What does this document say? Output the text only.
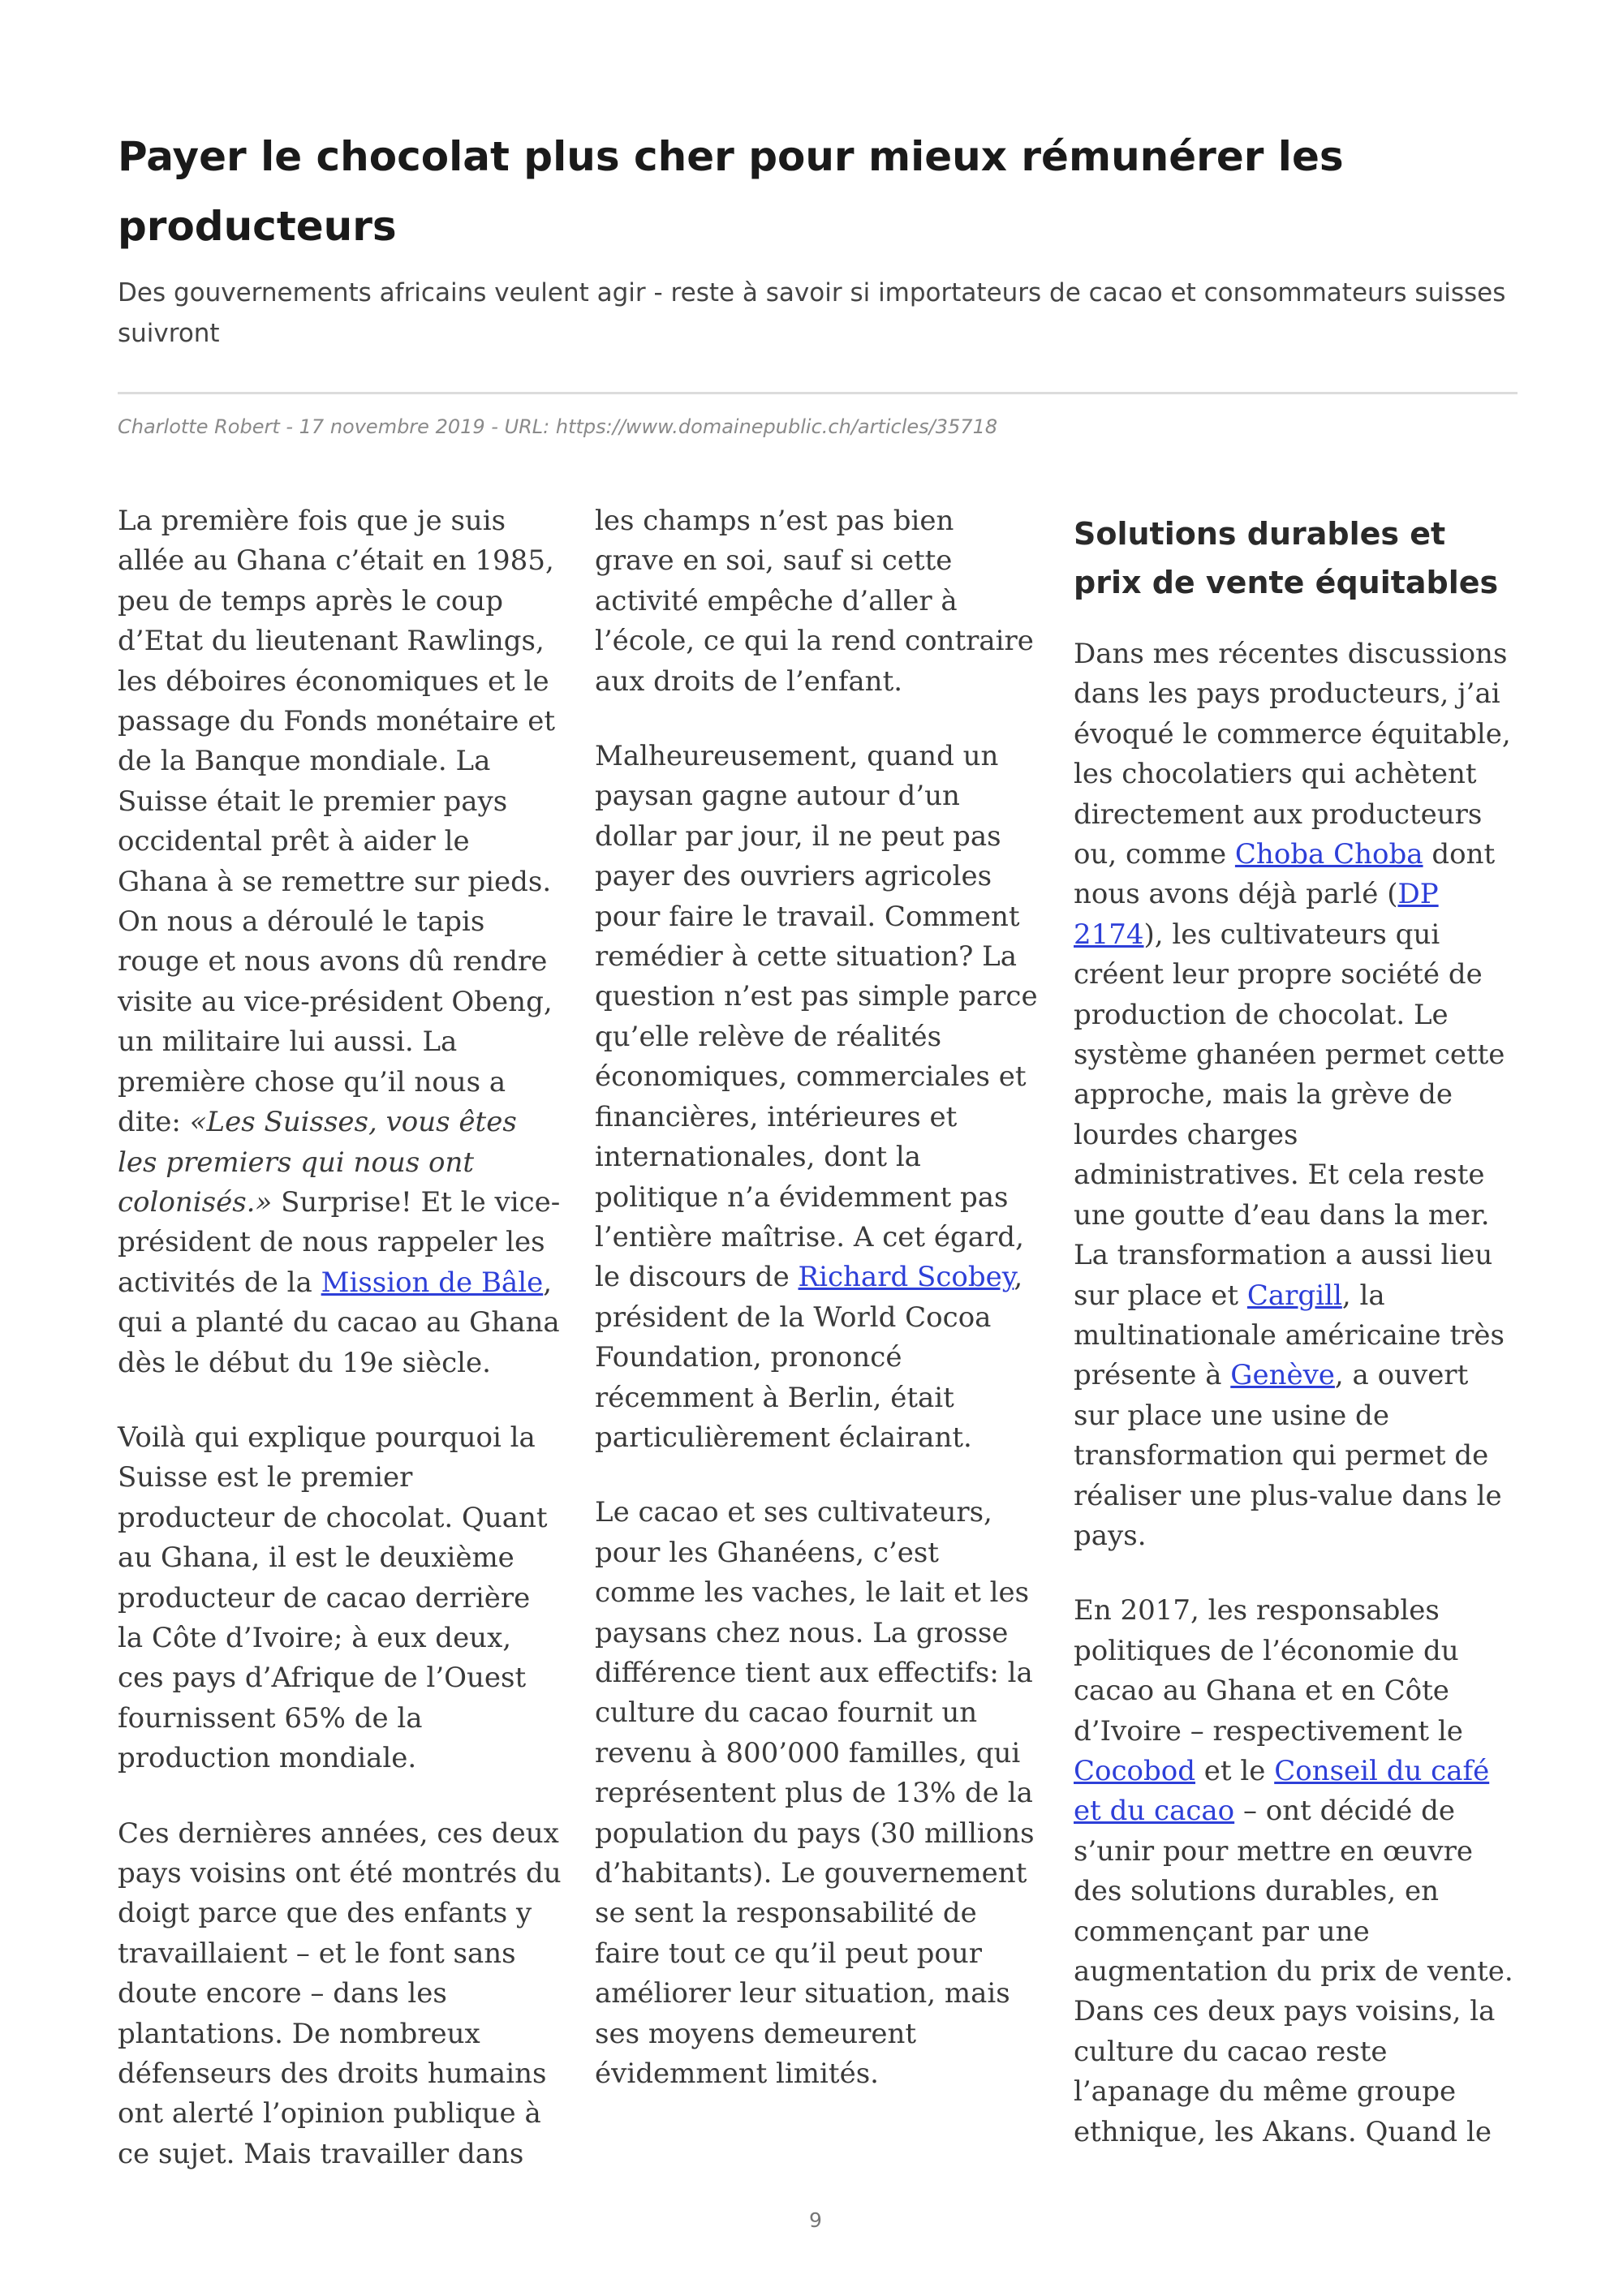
Payer le chocolat plus cher pour mieux rémunérer les producteurs

Des gouvernements africains veulent agir - reste à savoir si importateurs de cacao et consommateurs suisses suivront

Charlotte Robert - 17 novembre 2019 - URL: https://www.domainepublic.ch/articles/35718

La première fois que je suis allée au Ghana c’était en 1985, peu de temps après le coup d’Etat du lieutenant Rawlings, les déboires économiques et le passage du Fonds monétaire et de la Banque mondiale. La Suisse était le premier pays occidental prêt à aider le Ghana à se remettre sur pieds. On nous a déroulé le tapis rouge et nous avons dû rendre visite au vice-président Obeng, un militaire lui aussi. La première chose qu’il nous a dite: «Les Suisses, vous êtes les premiers qui nous ont colonisés.» Surprise! Et le vice-président de nous rappeler les activités de la Mission de Bâle, qui a planté du cacao au Ghana dès le début du 19e siècle.

Voilà qui explique pourquoi la Suisse est le premier producteur de chocolat. Quant au Ghana, il est le deuxième producteur de cacao derrière la Côte d’Ivoire; à eux deux, ces pays d’Afrique de l’Ouest fournissent 65% de la production mondiale.

Ces dernières années, ces deux pays voisins ont été montrés du doigt parce que des enfants y travaillaient – et le font sans doute encore – dans les plantations. De nombreux défenseurs des droits humains ont alerté l’opinion publique à ce sujet. Mais travailler dans

les champs n’est pas bien grave en soi, sauf si cette activité empêche d’aller à l’école, ce qui la rend contraire aux droits de l’enfant.

Malheureusement, quand un paysan gagne autour d’un dollar par jour, il ne peut pas payer des ouvriers agricoles pour faire le travail. Comment remédier à cette situation? La question n’est pas simple parce qu’elle relève de réalités économiques, commerciales et financières, intérieures et internationales, dont la politique n’a évidemment pas l’entière maîtrise. A cet égard, le discours de Richard Scobey, président de la World Cocoa Foundation, prononcé récemment à Berlin, était particulièrement éclairant.

Le cacao et ses cultivateurs, pour les Ghanéens, c’est comme les vaches, le lait et les paysans chez nous. La grosse différence tient aux effectifs: la culture du cacao fournit un revenu à 800’000 familles, qui représentent plus de 13% de la population du pays (30 millions d’habitants). Le gouvernement se sent la responsabilité de faire tout ce qu’il peut pour améliorer leur situation, mais ses moyens demeurent évidemment limités.

Solutions durables et prix de vente équitables

Dans mes récentes discussions dans les pays producteurs, j’ai évoqué le commerce équitable, les chocolatiers qui achètent directement aux producteurs ou, comme Choba Choba dont nous avons déjà parlé (DP 2174), les cultivateurs qui créent leur propre société de production de chocolat. Le système ghanéen permet cette approche, mais la grève de lourdes charges administratives. Et cela reste une goutte d’eau dans la mer. La transformation a aussi lieu sur place et Cargill, la multinationale américaine très présente à Genève, a ouvert sur place une usine de transformation qui permet de réaliser une plus-value dans le pays.

En 2017, les responsables politiques de l’économie du cacao au Ghana et en Côte d’Ivoire – respectivement le Cocobod et le Conseil du café et du cacao – ont décidé de s’unir pour mettre en œuvre des solutions durables, en commençant par une augmentation du prix de vente. Dans ces deux pays voisins, la culture du cacao reste l’apanage du même groupe ethnique, les Akans. Quand le

9
